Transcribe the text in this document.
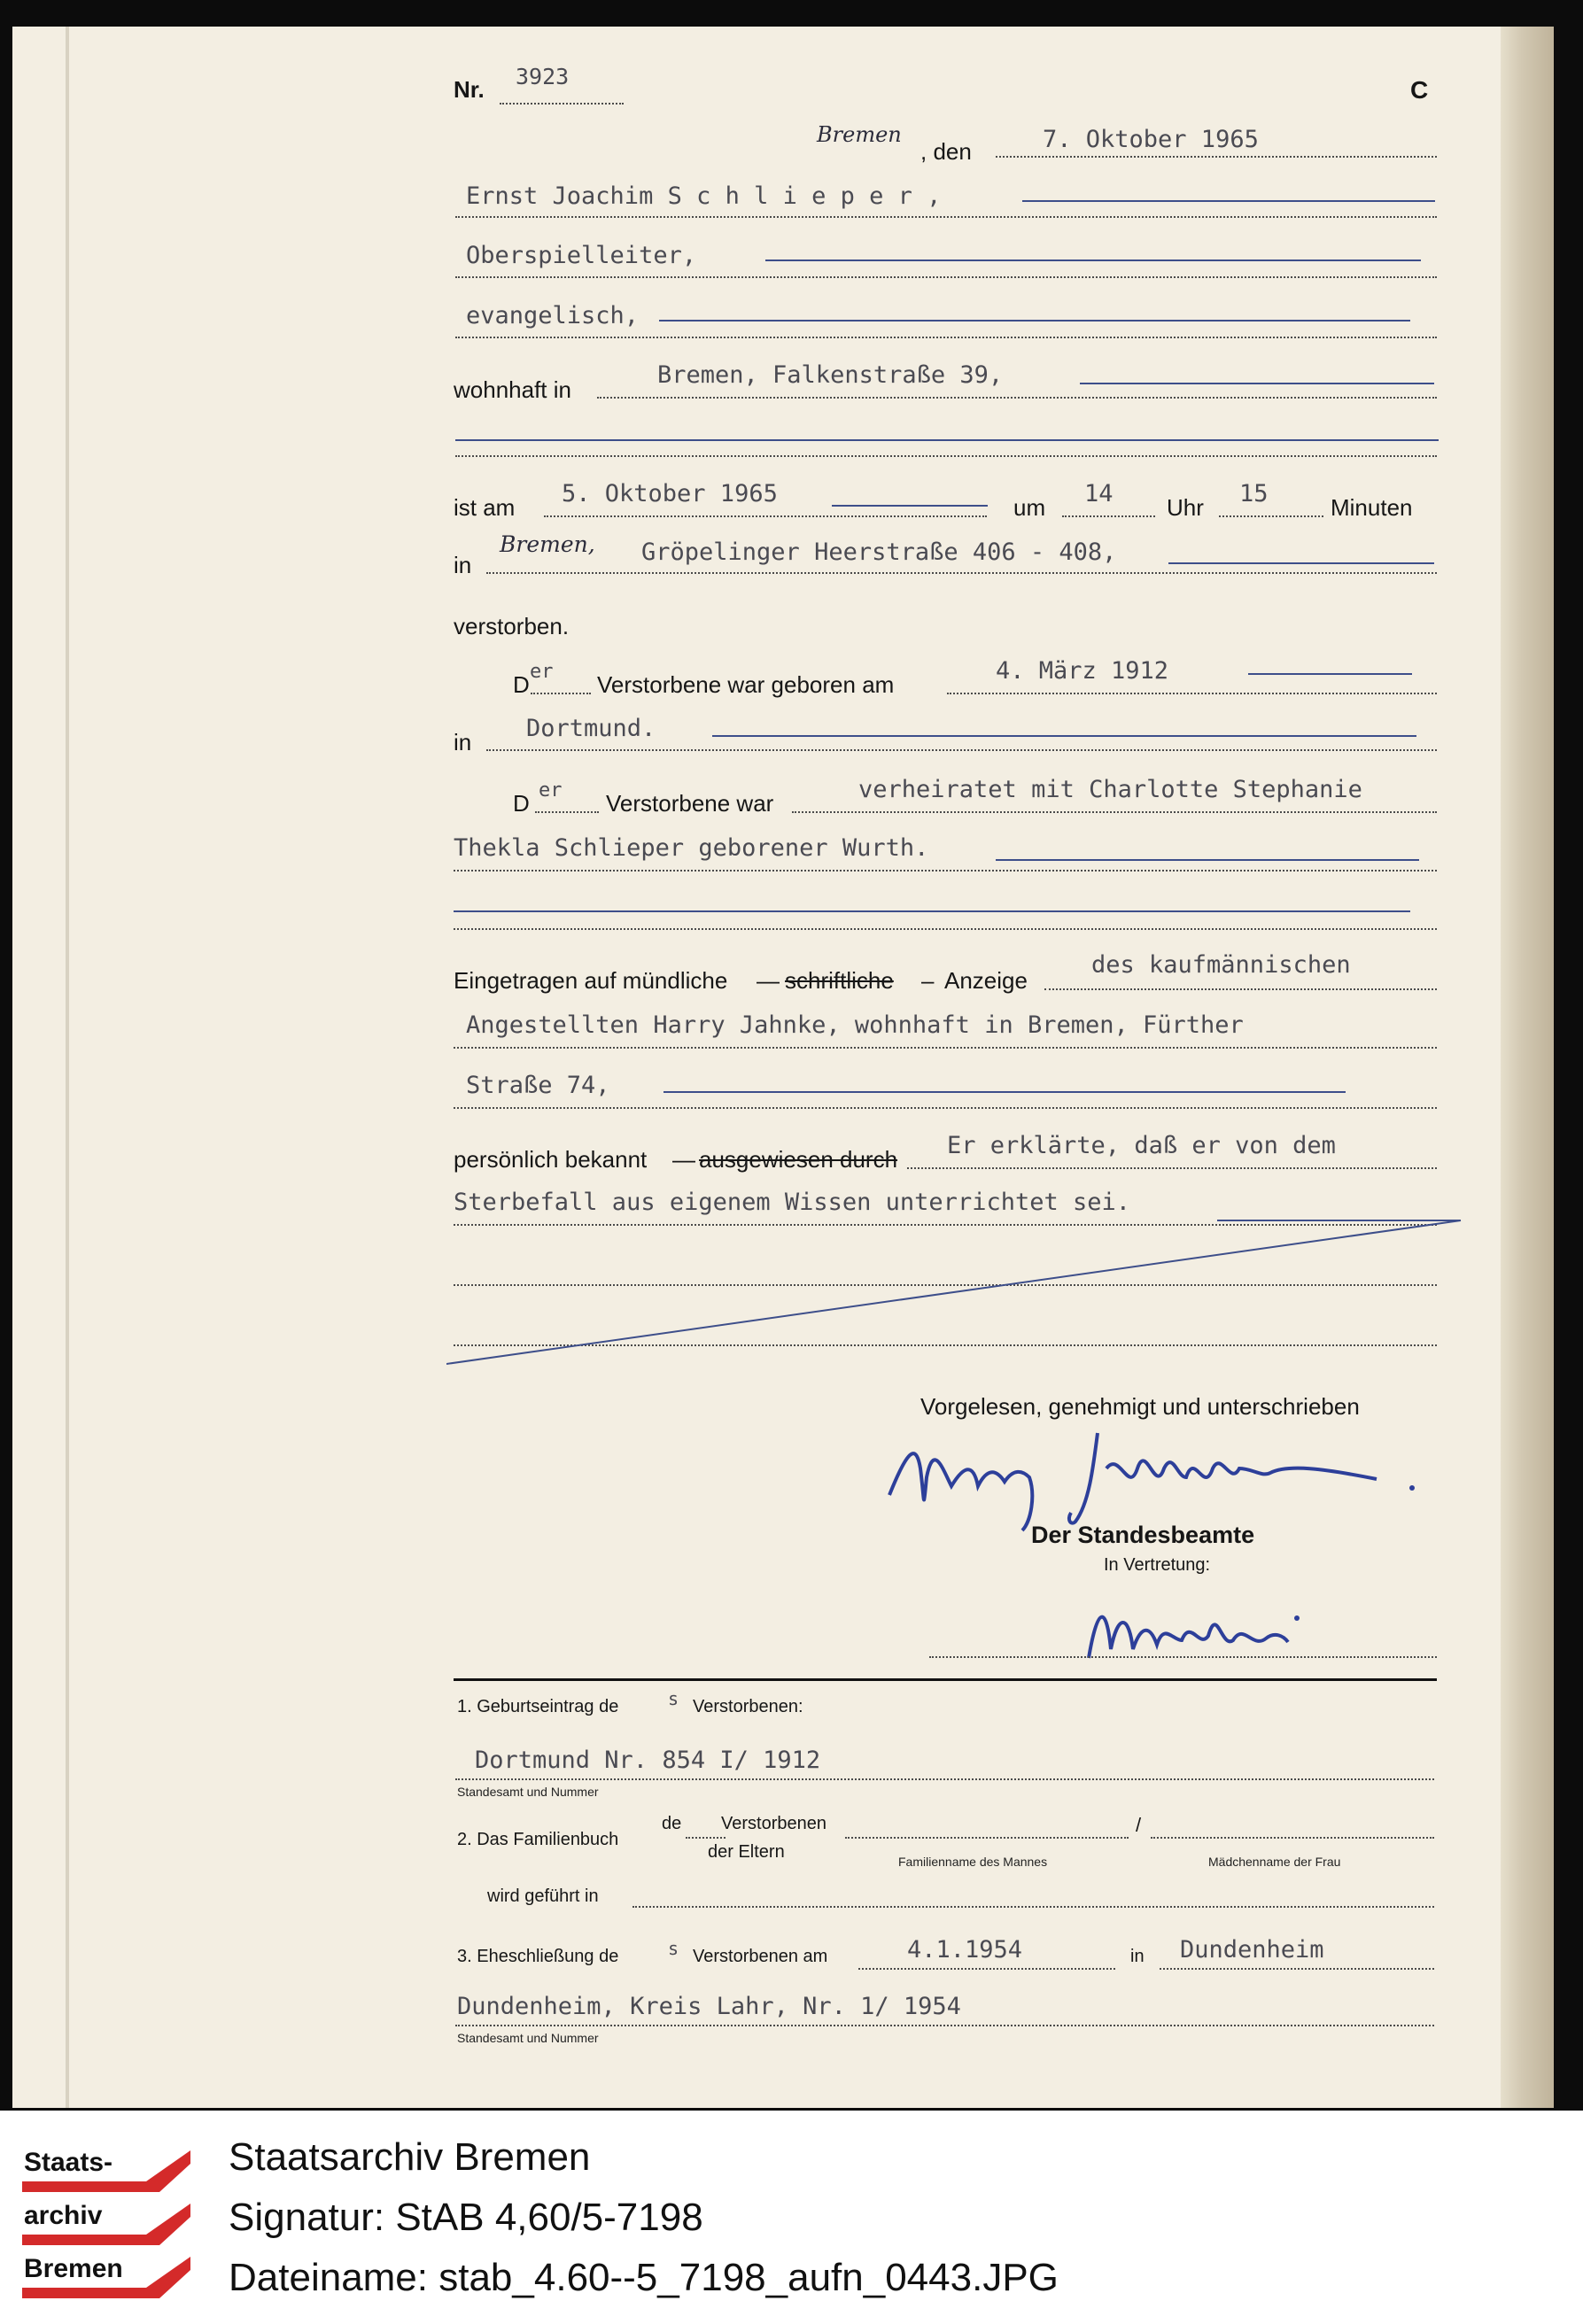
Nr. 3923	C
Bremen
, den	7. Oktober 1965
Ernst Joachim S c h l i e p e r ,
Oberspielleiter,
evangelisch,
wohnhaft in
Bremen, Falkenstraße 39,
ist am 5. Oktober 1965	um 14 Uhr 15	Minuten
in
Bremen, Gröpelinger Heerstraße 406 - 408,
verstorben.
D er Verstorbene war geboren am	4. März 1912
in Dortmund.
D er Verstorbene war	verheiratet mit Charlotte Stephanie
Thekla Schlieper geborener Wurth.
Eingetragen auf mündliche — schriftliche – Anzeige
des kaufmännischen
Angestellten Harry Jahnke, wohnhaft in Bremen, Fürther
Straße 74,
persönlich bekannt — ausgewiesen durch Er erklärte, daß er von dem
Sterbefall aus eigenem Wissen unterrichtet sei.
Vorgelesen, genehmigt und unterschrieben
Der Standesbeamte
In Vertretung:
1. Geburtseintrag de	s Verstorbenen:
Dortmund Nr. 854 I/ 1912
Standesamt und Nummer
2. Das Familienbuch
de Verstorbenen
der Eltern
/
Familienname des Mannes	Mädchenname der Frau
wird geführt in
3. Eheschließung de	s Verstorbenen am	4.1.1954	in Dundenheim
Dundenheim, Kreis Lahr, Nr. 1/ 1954
Standesamt und Nummer
Staats-
archiv
Bremen
Staatsarchiv Bremen
Signatur: StAB 4,60/5-7198
Dateiname: stab_4.60--5_7198_aufn_0443.JPG
